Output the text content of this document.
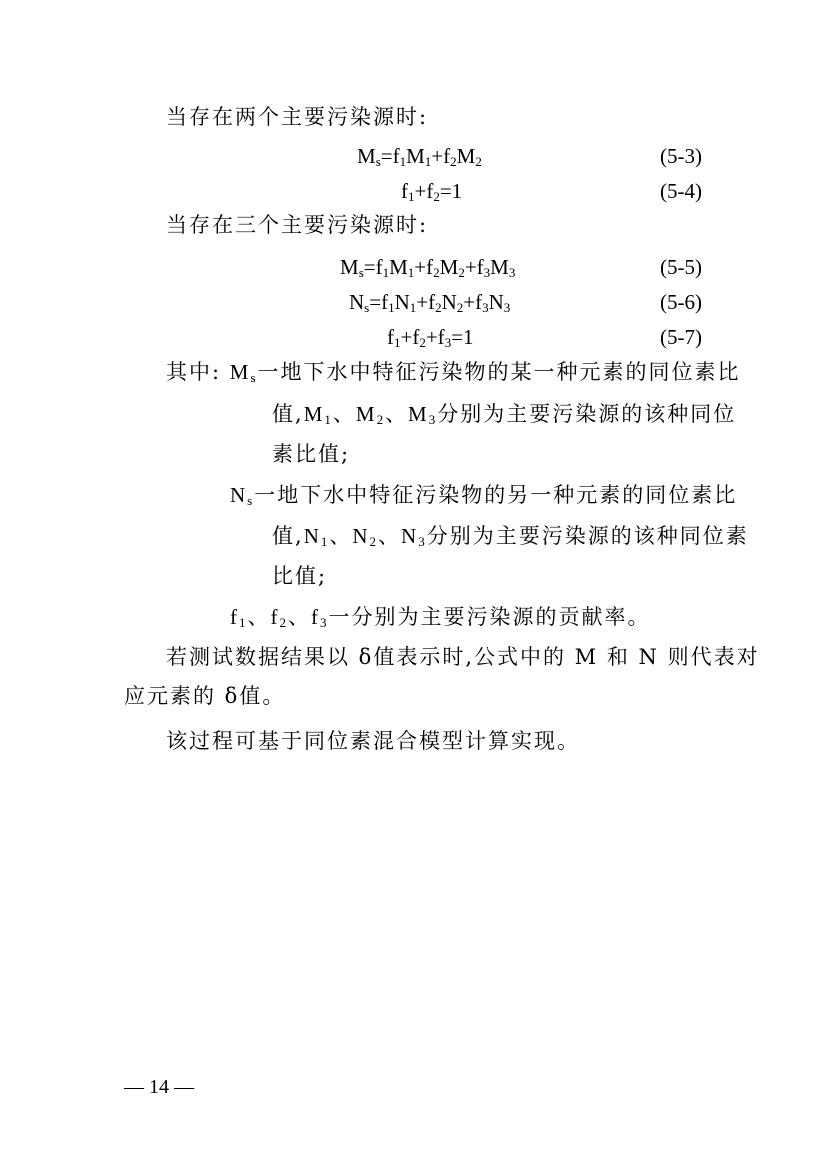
当存在两个主要污染源时:
$M_s=f_1M_1+f_2M_2$	(5-3)
$f_1+f_2=1$	(5-4)
当存在三个主要污染源时:
$M_s=f_1M_1+f_2M_2+f_3M_3$	(5-5)
$N_s=f_1N_1+f_2N_2+f_3N_3$	(5-6)
$f_1+f_2+f_3=1$	(5-7)
其中: $M_s$一地下水中特征污染物的某一种元素的同位素比
值$,M_1$、$M_2$、$M_3$分别为主要污染源的该种同位
素比值;
$N_s$一地下水中特征污染物的另一种元素的同位素比
值$,N_1$、$N_2$、$N_3$分别为主要污染源的该种同位素
比值;
$f_1$、$f_2$、$f_3$一分别为主要污染源的贡献率。
若测试数据结果以 δ值表示时,公式中的 M 和 N 则代表对
应元素的 δ值。
该过程可基于同位素混合模型计算实现。
— 14 —
